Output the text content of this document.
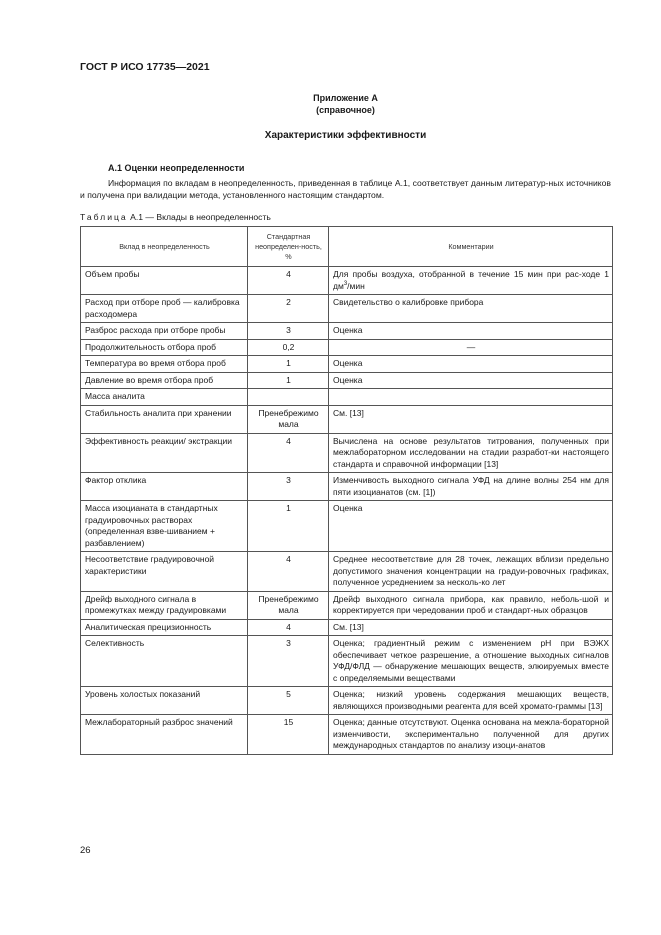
ГОСТ Р ИСО 17735—2021
Приложение А
(справочное)
Характеристики эффективности
А.1 Оценки неопределенности

Информация по вкладам в неопределенность, приведенная в таблице А.1, соответствует данным литератур-ных источников и получена при валидации метода, установленного настоящим стандартом.

Таблица А.1 — Вклады в неопределенность
Вклад в неопределенность	Стандартная неопределен-ность, %	Комментарии
Объем пробы	4	Для пробы воздуха, отобранной в течение 15 мин при рас-ходе 1 $дм^3$/мин
Расход при отборе проб — калибровка расходомера	2	Свидетельство о калибровке прибора
Разброс расхода при отборе пробы	3	Оценка
Продолжительность отбора проб	0,2	—
Температура во время отбора проб	1	Оценка
Давление во время отбора проб	1	Оценка
Масса аналита		
Стабильность аналита при хранении	Пренебрежимо мала	См. [13]
Эффективность реакции/ экстракции	4	Вычислена на основе результатов титрования, полученных при межлабораторном исследовании на стадии разработ-ки настоящего стандарта и справочной информации [13]
Фактор отклика	3	Изменчивость выходного сигнала УФД на длине волны 254 нм для пяти изоцианатов (см. [1])
Масса изоцианата в стандартных градуировочных растворах (определенная взве-шиванием + разбавлением)	1	Оценка
Несоответствие градуировочной характеристики	4	Среднее несоответствие для 28 точек, лежащих вблизи предельно допустимого значения концентрации на градуи-ровочных графиках, полученное усреднением за несколь-ко лет
Дрейф выходного сигнала в промежутках между градуировками	Пренебрежимо мала	Дрейф выходного сигнала прибора, как правило, неболь-шой и корректируется при чередовании проб и стандарт-ных образцов
Аналитическая прецизионность	4	См. [13]
Селективность	3	Оценка; градиентный режим с изменением pH при ВЭЖХ обеспечивает четкое разрешение, а отношение выходных сигналов УФД/ФЛД — обнаружение мешающих веществ, элюируемых вместе с определяемыми веществами
Уровень холостых показаний	5	Оценка; низкий уровень содержания мешающих веществ, являющихся производными реагента для всей хромато-граммы [13]
Межлабораторный разброс значений	15	Оценка; данные отсутствуют. Оценка основана на межла-бораторной изменчивости, экспериментально полученной для других международных стандартов по анализу изоци-анатов
26
